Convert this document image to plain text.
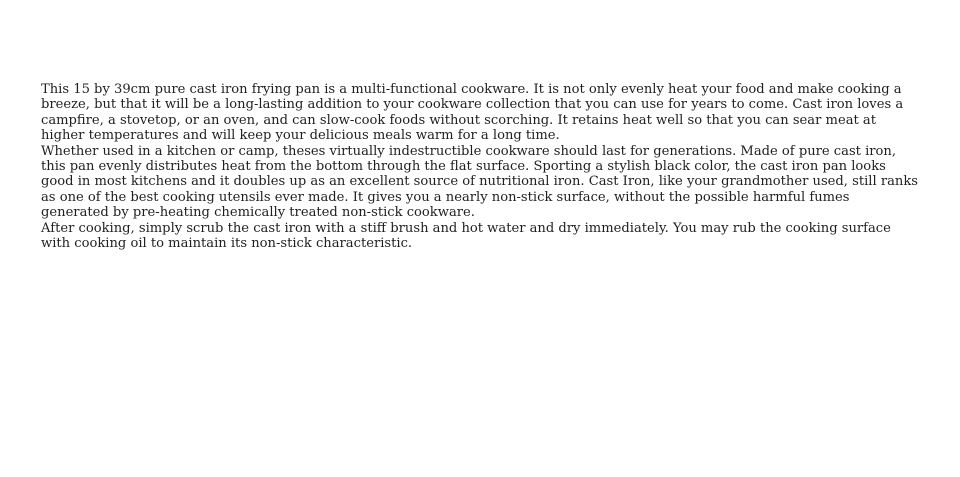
This 15 by 39cm pure cast iron frying pan is a multi-functional cookware. It is not only evenly heat your food and make cooking a breeze, but that it will be a long-lasting addition to your cookware collection that you can use for years to come. Cast iron loves a campfire, a stovetop, or an oven, and can slow-cook foods without scorching. It retains heat well so that you can sear meat at higher temperatures and will keep your delicious meals warm for a long time.

Whether used in a kitchen or camp, theses virtually indestructible cookware should last for generations. Made of pure cast iron, this pan evenly distributes heat from the bottom through the flat surface. Sporting a stylish black color, the cast iron pan looks good in most kitchens and it doubles up as an excellent source of nutritional iron. Cast Iron, like your grandmother used, still ranks as one of the best cooking utensils ever made. It gives you a nearly non-stick surface, without the possible harmful fumes generated by pre-heating chemically treated non-stick cookware.

After cooking, simply scrub the cast iron with a stiff brush and hot water and dry immediately. You may rub the cooking surface with cooking oil to maintain its non-stick characteristic.
